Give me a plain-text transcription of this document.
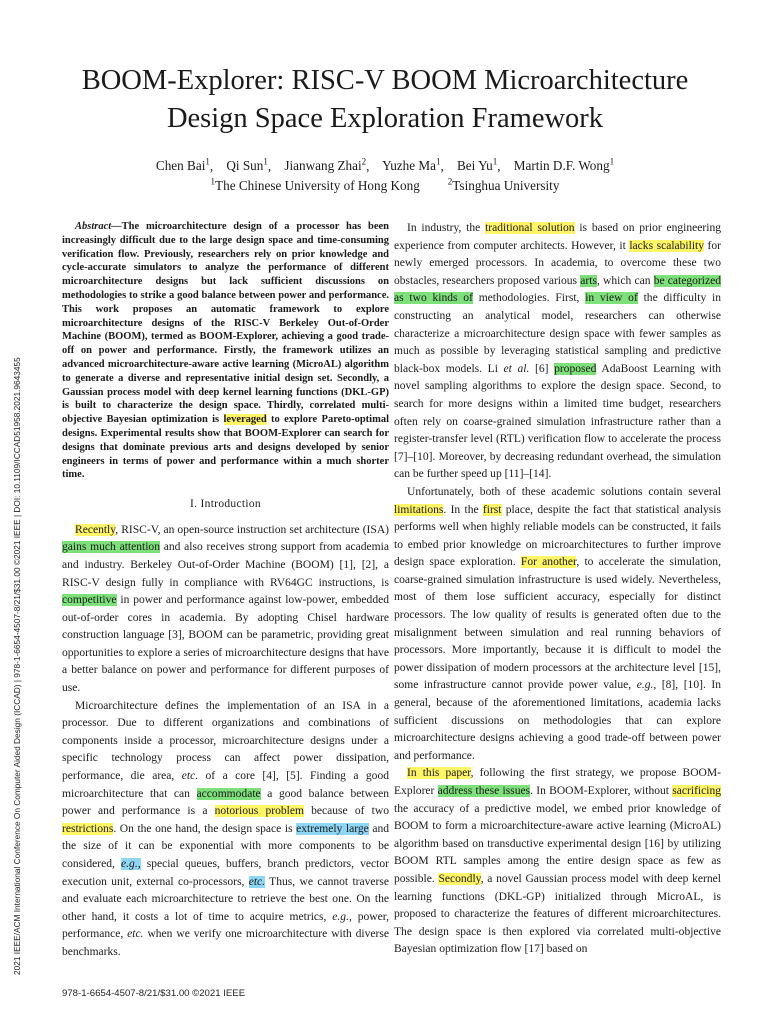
BOOM-Explorer: RISC-V BOOM Microarchitecture
Design Space Exploration Framework
Chen Bai$^1$,    Qi Sun$^1$,    Jianwang Zhai$^2$,    Yuzhe Ma$^1$,    Bei Yu$^1$,    Martin D.F. Wong$^1$
$^1$The Chinese University of Hong Kong	$^2$Tsinghua University
2021 IEEE/ACM International Conference On Computer Aided Design (ICCAD) | 978-1-6654-4507-8/21/$31.00 ©2021 IEEE | DOI: 10.1109/ICCAD51958.2021.9643455

Abstract—The microarchitecture design of a processor has been increasingly difficult due to the large design space and time-consuming verification flow. Previously, researchers rely on prior knowledge and cycle-accurate simulators to analyze the performance of different microarchitecture designs but lack sufficient discussions on methodologies to strike a good balance between power and performance. This work proposes an automatic framework to explore microarchitecture designs of the RISC-V Berkeley Out-of-Order Machine (BOOM), termed as BOOM-Explorer, achieving a good trade-off on power and performance. Firstly, the framework utilizes an advanced microarchitecture-aware active learning (MicroAL) algorithm to generate a diverse and representative initial design set. Secondly, a Gaussian process model with deep kernel learning functions (DKL-GP) is built to characterize the design space. Thirdly, correlated multi-objective Bayesian optimization is leveraged to explore Pareto-optimal designs. Experimental results show that BOOM-Explorer can search for designs that dominate previous arts and designs developed by senior engineers in terms of power and performance within a much shorter time.

I. Introduction

Recently, RISC-V, an open-source instruction set architecture (ISA) gains much attention and also receives strong support from academia and industry. Berkeley Out-of-Order Machine (BOOM) [1], [2], a RISC-V design fully in compliance with RV64GC instructions, is competitive in power and performance against low-power, embedded out-of-order cores in academia. By adopting Chisel hardware construction language [3], BOOM can be parametric, providing great opportunities to explore a series of microarchitecture designs that have a better balance on power and performance for different purposes of use.

Microarchitecture defines the implementation of an ISA in a processor. Due to different organizations and combinations of components inside a processor, microarchitecture designs under a specific technology process can affect power dissipation, performance, die area, etc. of a core [4], [5]. Finding a good microarchitecture that can accommodate a good balance between power and performance is a notorious problem because of two restrictions. On the one hand, the design space is extremely large and the size of it can be exponential with more components to be considered, e.g., special queues, buffers, branch predictors, vector execution unit, external co-processors, etc. Thus, we cannot traverse and evaluate each microarchitecture to retrieve the best one. On the other hand, it costs a lot of time to acquire metrics, e.g., power, performance, etc. when we verify one microarchitecture with diverse benchmarks.

In industry, the traditional solution is based on prior engineering experience from computer architects. However, it lacks scalability for newly emerged processors. In academia, to overcome these two obstacles, researchers proposed various arts, which can be categorized as two kinds of methodologies. First, in view of the difficulty in constructing an analytical model, researchers can otherwise characterize a microarchitecture design space with fewer samples as much as possible by leveraging statistical sampling and predictive black-box models. Li et al. [6] proposed AdaBoost Learning with novel sampling algorithms to explore the design space. Second, to search for more designs within a limited time budget, researchers often rely on coarse-grained simulation infrastructure rather than a register-transfer level (RTL) verification flow to accelerate the process [7]–[10]. Moreover, by decreasing redundant overhead, the simulation can be further speed up [11]–[14].

Unfortunately, both of these academic solutions contain several limitations. In the first place, despite the fact that statistical analysis performs well when highly reliable models can be constructed, it fails to embed prior knowledge on microarchitectures to further improve design space exploration. For another, to accelerate the simulation, coarse-grained simulation infrastructure is used widely. Nevertheless, most of them lose sufficient accuracy, especially for distinct processors. The low quality of results is generated often due to the misalignment between simulation and real running behaviors of processors. More importantly, because it is difficult to model the power dissipation of modern processors at the architecture level [15], some infrastructure cannot provide power value, e.g., [8], [10]. In general, because of the aforementioned limitations, academia lacks sufficient discussions on methodologies that can explore microarchitecture designs achieving a good trade-off between power and performance.

In this paper, following the first strategy, we propose BOOM-Explorer address these issues. In BOOM-Explorer, without sacrificing the accuracy of a predictive model, we embed prior knowledge of BOOM to form a microarchitecture-aware active learning (MicroAL) algorithm based on transductive experimental design [16] by utilizing BOOM RTL samples among the entire design space as few as possible. Secondly, a novel Gaussian process model with deep kernel learning functions (DKL-GP) initialized through MicroAL, is proposed to characterize the features of different microarchitectures. The design space is then explored via correlated multi-objective Bayesian optimization flow [17] based on

978-1-6654-4507-8/21/$31.00 ©2021 IEEE
